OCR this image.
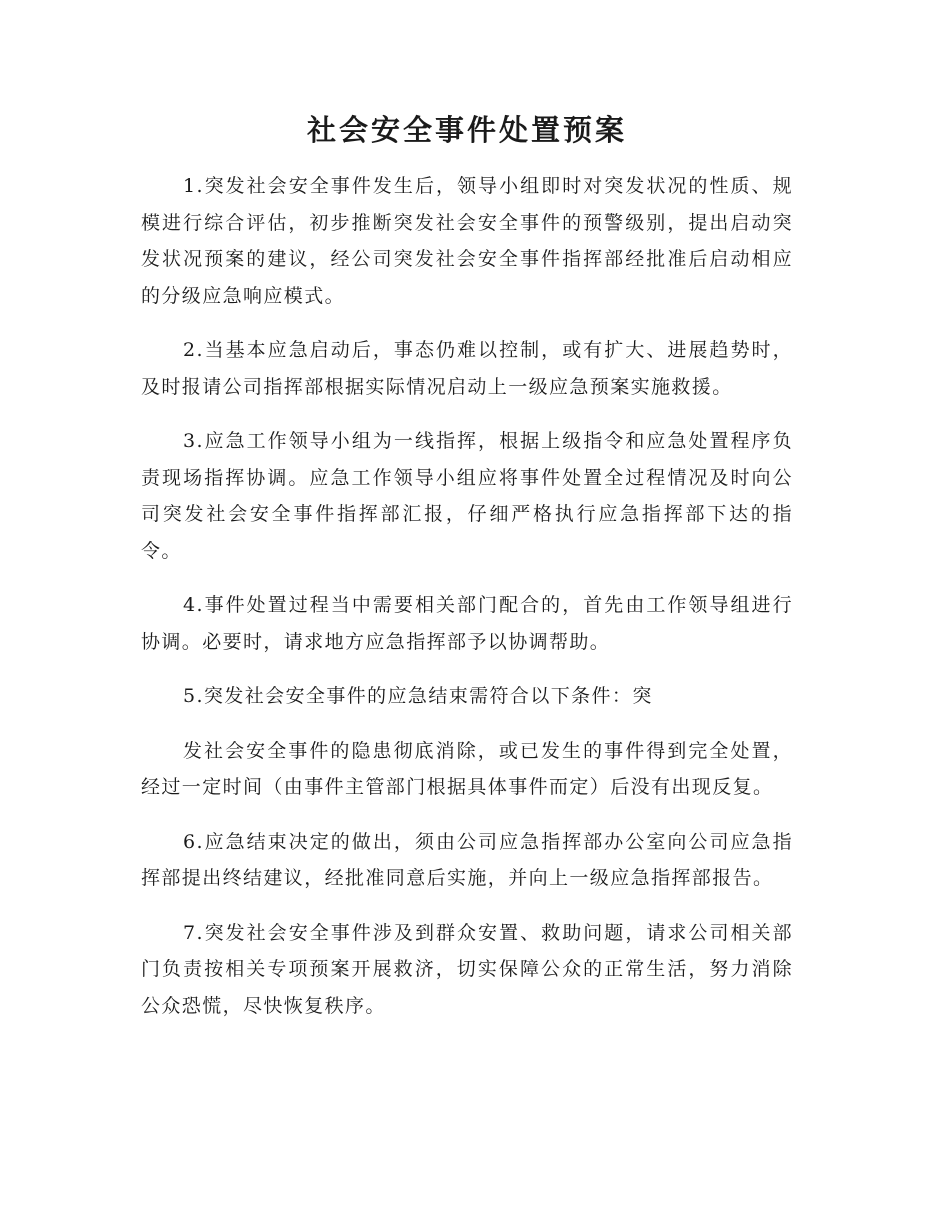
社会安全事件处置预案

1.突发社会安全事件发生后，领导小组即时对突发状况的性质、规模进行综合评估，初步推断突发社会安全事件的预警级别，提出启动突发状况预案的建议，经公司突发社会安全事件指挥部经批准后启动相应的分级应急响应模式。

2.当基本应急启动后，事态仍难以控制，或有扩大、进展趋势时，及时报请公司指挥部根据实际情况启动上一级应急预案实施救援。

3.应急工作领导小组为一线指挥，根据上级指令和应急处置程序负责现场指挥协调。应急工作领导小组应将事件处置全过程情况及时向公司突发社会安全事件指挥部汇报，仔细严格执行应急指挥部下达的指令。

4.事件处置过程当中需要相关部门配合的，首先由工作领导组进行协调。必要时，请求地方应急指挥部予以协调帮助。

5.突发社会安全事件的应急结束需符合以下条件：突

发社会安全事件的隐患彻底消除，或已发生的事件得到完全处置，经过一定时间（由事件主管部门根据具体事件而定）后没有出现反复。

6.应急结束决定的做出，须由公司应急指挥部办公室向公司应急指挥部提出终结建议，经批准同意后实施，并向上一级应急指挥部报告。

7.突发社会安全事件涉及到群众安置、救助问题，请求公司相关部门负责按相关专项预案开展救济，切实保障公众的正常生活，努力消除公众恐慌，尽快恢复秩序。
